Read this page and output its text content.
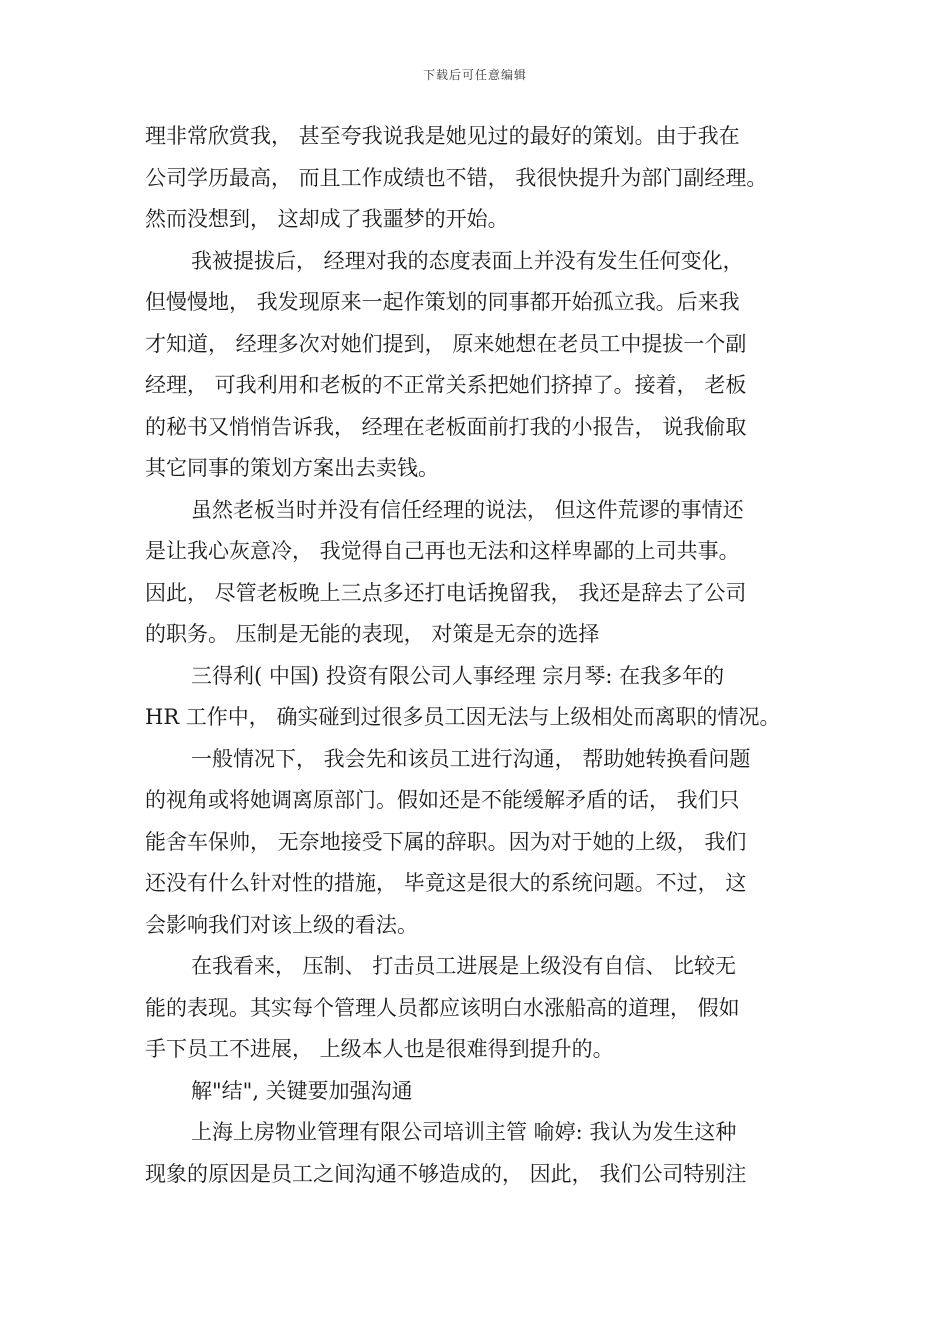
下载后可任意编辑
理非常欣赏我， 甚至夸我说我是她见过的最好的策划。由于我在
公司学历最高， 而且工作成绩也不错， 我很快提升为部门副经理。
然而没想到， 这却成了我噩梦的开始。
我被提拔后， 经理对我的态度表面上并没有发生任何变化，
但慢慢地， 我发现原来一起作策划的同事都开始孤立我。后来我
才知道， 经理多次对她们提到， 原来她想在老员工中提拔一个副
经理， 可我利用和老板的不正常关系把她们挤掉了。接着， 老板
的秘书又悄悄告诉我， 经理在老板面前打我的小报告， 说我偷取
其它同事的策划方案出去卖钱。
虽然老板当时并没有信任经理的说法， 但这件荒谬的事情还
是让我心灰意冷， 我觉得自己再也无法和这样卑鄙的上司共事。
因此， 尽管老板晚上三点多还打电话挽留我， 我还是辞去了公司
的职务。 压制是无能的表现， 对策是无奈的选择
三得利( 中国) 投资有限公司人事经理 宗月琴: 在我多年的
HR 工作中， 确实碰到过很多员工因无法与上级相处而离职的情况。
一般情况下， 我会先和该员工进行沟通， 帮助她转换看问题
的视角或将她调离原部门。假如还是不能缓解矛盾的话， 我们只
能舍车保帅， 无奈地接受下属的辞职。因为对于她的上级， 我们
还没有什么针对性的措施， 毕竟这是很大的系统问题。不过， 这
会影响我们对该上级的看法。
在我看来， 压制、 打击员工进展是上级没有自信、 比较无
能的表现。其实每个管理人员都应该明白水涨船高的道理， 假如
手下员工不进展， 上级本人也是很难得到提升的。
解"结", 关键要加强沟通
上海上房物业管理有限公司培训主管 喻婷: 我认为发生这种
现象的原因是员工之间沟通不够造成的， 因此， 我们公司特别注
